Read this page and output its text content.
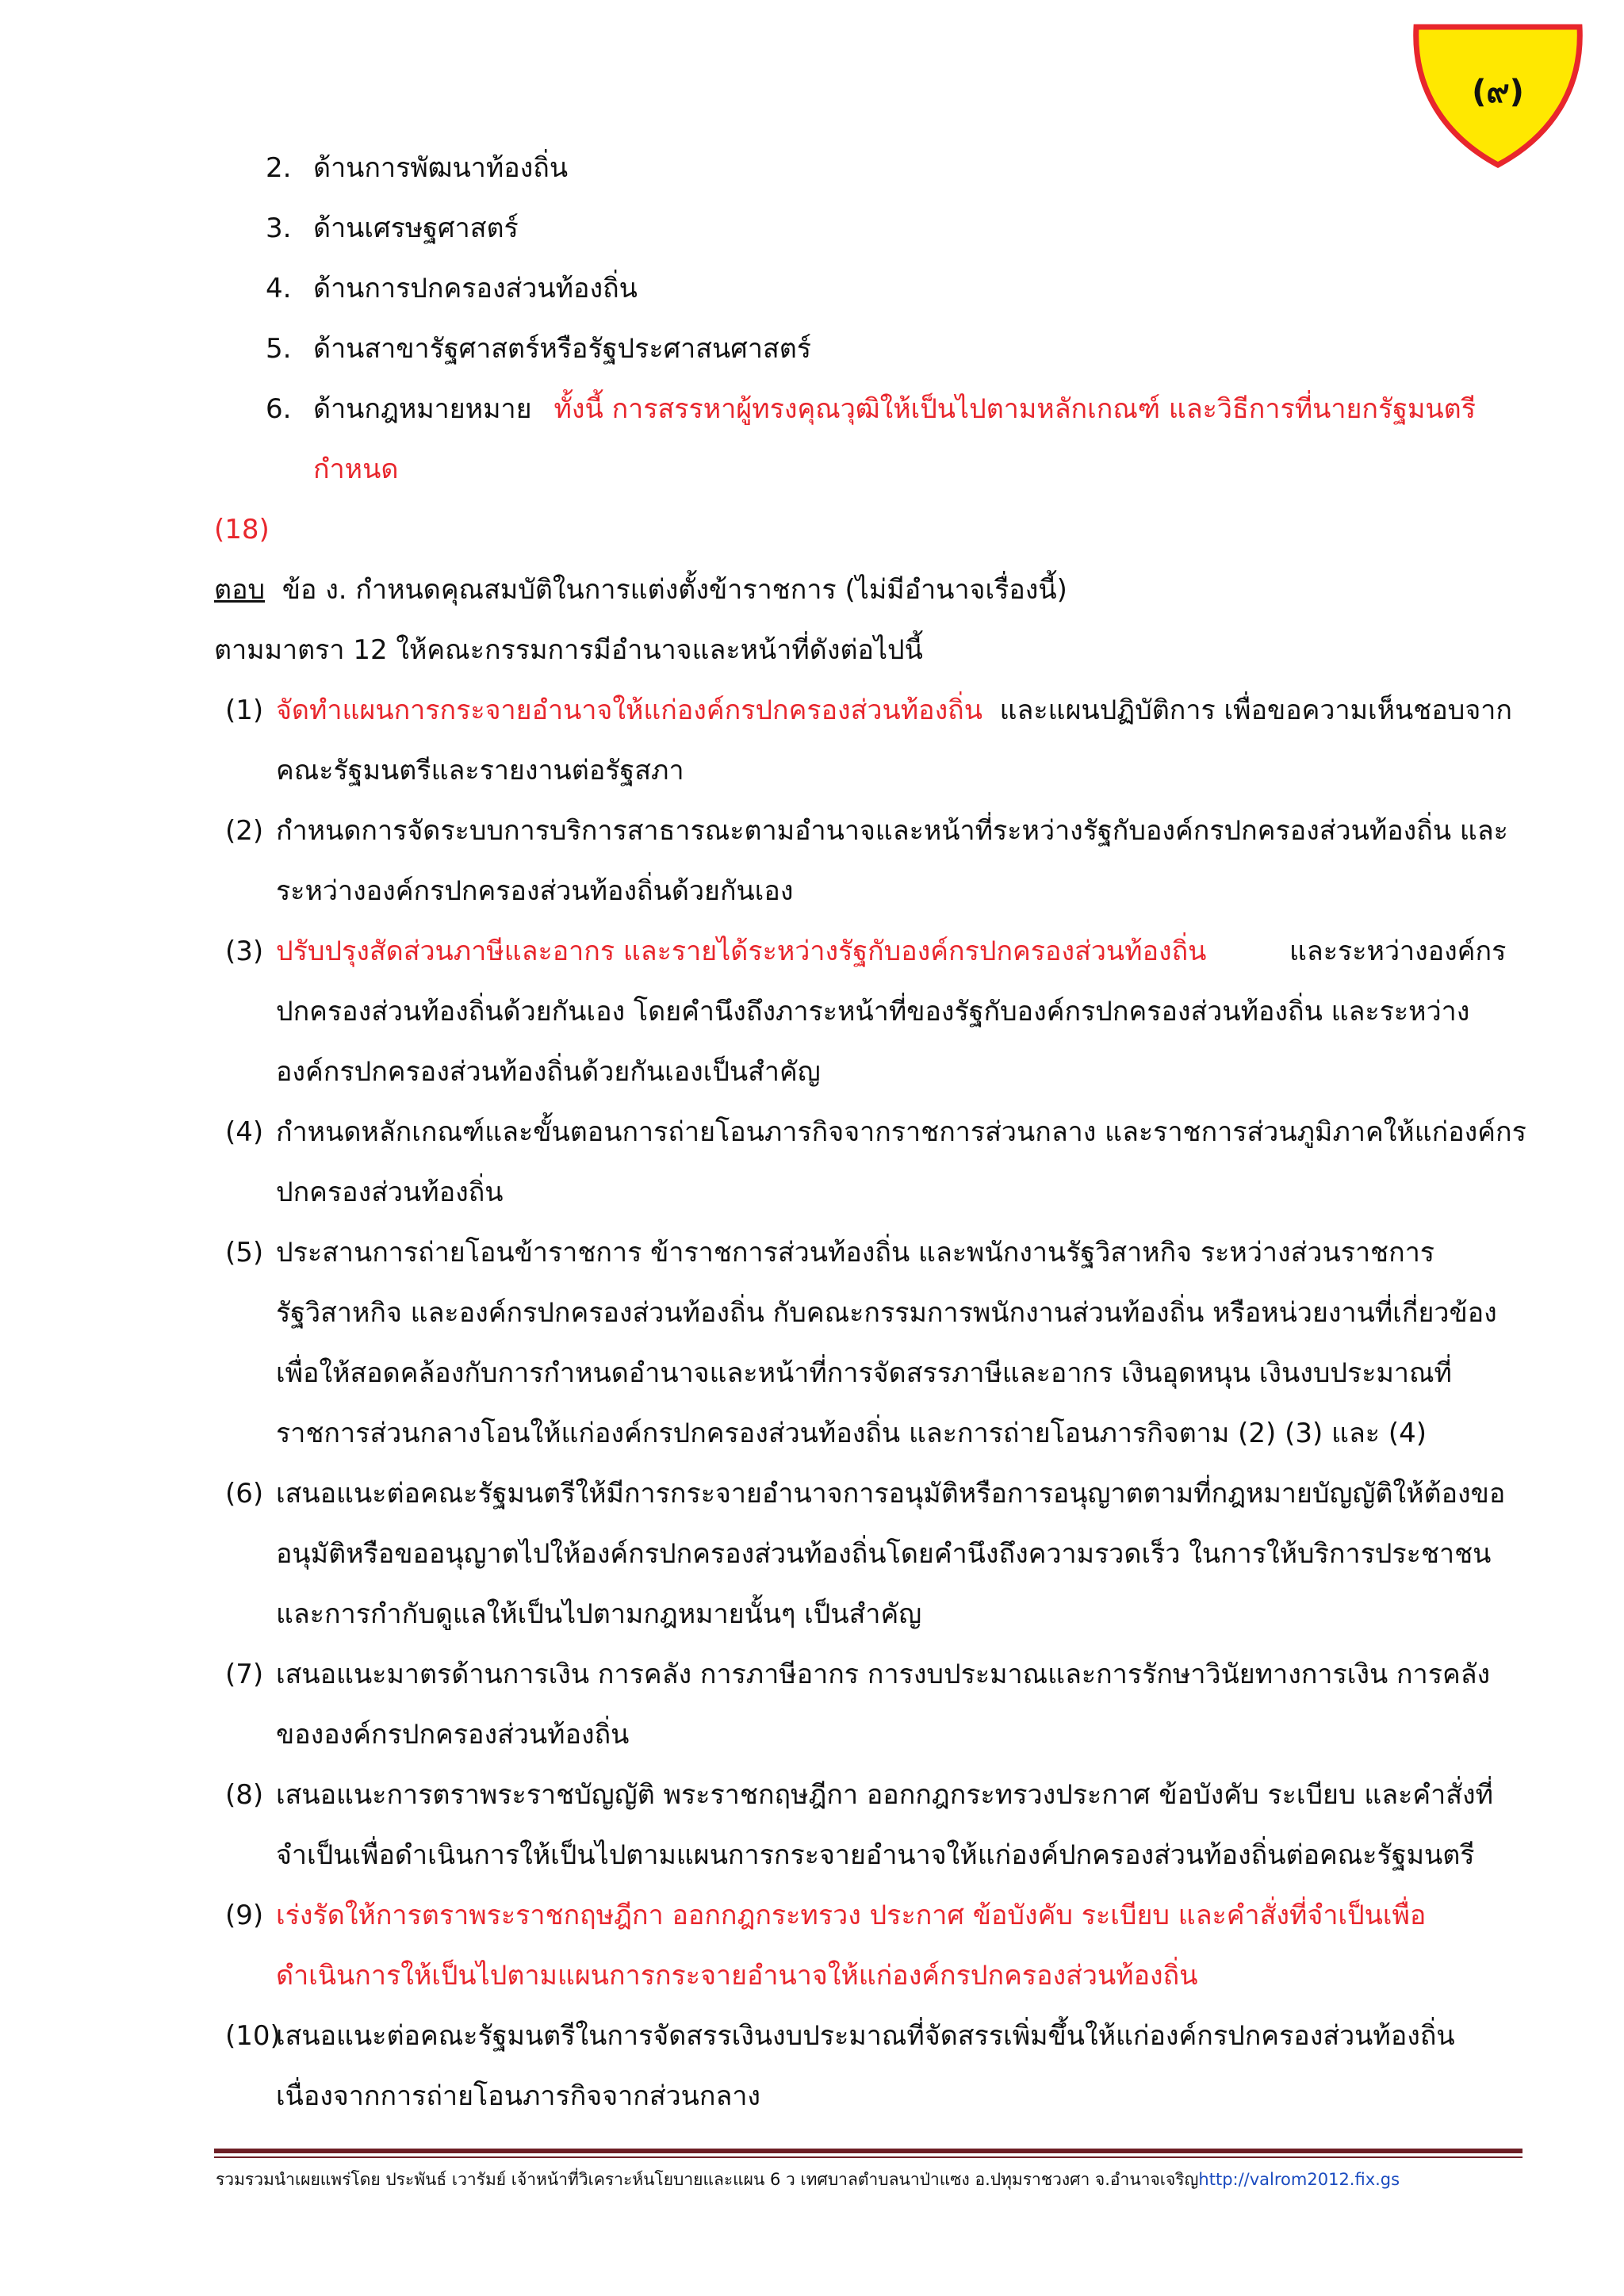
(๙)
2. ด้านการพัฒนาท้องถิ่น
3. ด้านเศรษฐศาสตร์
4. ด้านการปกครองส่วนท้องถิ่น
5. ด้านสาขารัฐศาสตร์หรือรัฐประศาสนศาสตร์
6. ด้านกฎหมายหมาย ทั้งนี้ การสรรหาผู้ทรงคุณวุฒิให้เป็นไปตามหลักเกณฑ์ และวิธีการที่นายกรัฐมนตรี
กำหนด
(18)
ตอบ ข้อ ง. กำหนดคุณสมบัติในการแต่งตั้งข้าราชการ (ไม่มีอำนาจเรื่องนี้)
ตามมาตรา 12 ให้คณะกรรมการมีอำนาจและหน้าที่ดังต่อไปนี้
(1) จัดทำแผนการกระจายอำนาจให้แก่องค์กรปกครองส่วนท้องถิ่น และแผนปฏิบัติการ เพื่อขอความเห็นชอบจาก
คณะรัฐมนตรีและรายงานต่อรัฐสภา
(2) กำหนดการจัดระบบการบริการสาธารณะตามอำนาจและหน้าที่ระหว่างรัฐกับองค์กรปกครองส่วนท้องถิ่น และ
ระหว่างองค์กรปกครองส่วนท้องถิ่นด้วยกันเอง
(3) ปรับปรุงสัดส่วนภาษีและอากร และรายได้ระหว่างรัฐกับองค์กรปกครองส่วนท้องถิ่น	และระหว่างองค์กร
ปกครองส่วนท้องถิ่นด้วยกันเอง โดยคำนึงถึงภาระหน้าที่ของรัฐกับองค์กรปกครองส่วนท้องถิ่น และระหว่าง
องค์กรปกครองส่วนท้องถิ่นด้วยกันเองเป็นสำคัญ
(4) กำหนดหลักเกณฑ์และขั้นตอนการถ่ายโอนภารกิจจากราชการส่วนกลาง และราชการส่วนภูมิภาคให้แก่องค์กร
ปกครองส่วนท้องถิ่น
(5) ประสานการถ่ายโอนข้าราชการ ข้าราชการส่วนท้องถิ่น และพนักงานรัฐวิสาหกิจ ระหว่างส่วนราชการ
รัฐวิสาหกิจ และองค์กรปกครองส่วนท้องถิ่น กับคณะกรรมการพนักงานส่วนท้องถิ่น หรือหน่วยงานที่เกี่ยวข้อง
เพื่อให้สอดคล้องกับการกำหนดอำนาจและหน้าที่การจัดสรรภาษีและอากร เงินอุดหนุน เงินงบประมาณที่
ราชการส่วนกลางโอนให้แก่องค์กรปกครองส่วนท้องถิ่น และการถ่ายโอนภารกิจตาม (2) (3) และ (4)
(6) เสนอแนะต่อคณะรัฐมนตรีให้มีการกระจายอำนาจการอนุมัติหรือการอนุญาตตามที่กฎหมายบัญญัติให้ต้องขอ
อนุมัติหรือขออนุญาตไปให้องค์กรปกครองส่วนท้องถิ่นโดยคำนึงถึงความรวดเร็ว ในการให้บริการประชาชน
และการกำกับดูแลให้เป็นไปตามกฎหมายนั้นๆ เป็นสำคัญ
(7) เสนอแนะมาตรด้านการเงิน การคลัง การภาษีอากร การงบประมาณและการรักษาวินัยทางการเงิน การคลัง
ขององค์กรปกครองส่วนท้องถิ่น
(8) เสนอแนะการตราพระราชบัญญัติ พระราชกฤษฎีกา ออกกฎกระทรวงประกาศ ข้อบังคับ ระเบียบ และคำสั่งที่
จำเป็นเพื่อดำเนินการให้เป็นไปตามแผนการกระจายอำนาจให้แก่องค์ปกครองส่วนท้องถิ่นต่อคณะรัฐมนตรี
(9) เร่งรัดให้การตราพระราชกฤษฎีกา ออกกฎกระทรวง ประกาศ ข้อบังคับ ระเบียบ และคำสั่งที่จำเป็นเพื่อ
ดำเนินการให้เป็นไปตามแผนการกระจายอำนาจให้แก่องค์กรปกครองส่วนท้องถิ่น
(10)
เสนอแนะต่อคณะรัฐมนตรีในการจัดสรรเงินงบประมาณที่จัดสรรเพิ่มขึ้นให้แก่องค์กรปกครองส่วนท้องถิ่น
เนื่องจากการถ่ายโอนภารกิจจากส่วนกลาง
รวมรวมนำเผยแพร่โดย ประพันธ์ เวารัมย์ เจ้าหน้าที่วิเคราะห์นโยบายและแผน 6 ว เทศบาลตำบลนาป่าแซง อ.ปทุมราชวงศา จ.อำนาจเจริญhttp://valrom2012.fix.gs
